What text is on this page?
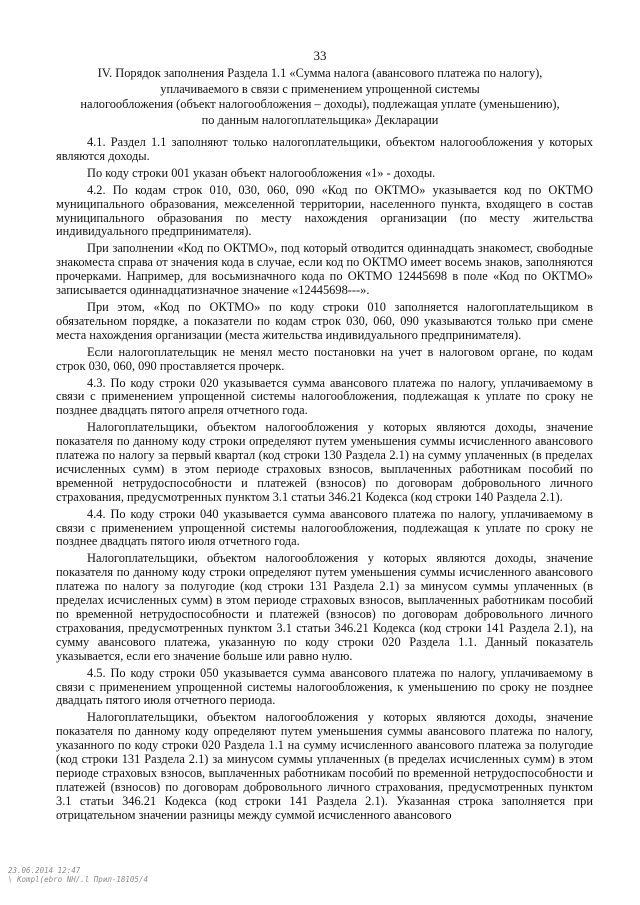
33
IV. Порядок заполнения Раздела 1.1 «Сумма налога (авансового платежа по налогу),
уплачиваемого в связи с применением упрощенной системы
налогообложения (объект налогообложения – доходы), подлежащая уплате (уменьшению),
по данным налогоплательщика» Декларации

4.1. Раздел 1.1 заполняют только налогоплательщики, объектом налогообложения у которых являются доходы.

По коду строки 001 указан объект налогообложения «1» - доходы.

4.2. По кодам строк 010, 030, 060, 090 «Код по ОКТМО» указывается код по ОКТМО муниципального образования, межселенной территории, населенного пункта, входящего в состав муниципального образования по месту нахождения организации (по месту жительства индивидуального предпринимателя).

При заполнении «Код по ОКТМО», под который отводится одиннадцать знакомест, свободные знакоместа справа от значения кода в случае, если код по ОКТМО имеет восемь знаков, заполняются прочерками. Например, для восьмизначного кода по ОКТМО 12445698 в поле «Код по ОКТМО» записывается одиннадцатизначное значение «12445698---».

При этом, «Код по ОКТМО» по коду строки 010 заполняется налогоплательщиком в обязательном порядке, а показатели по кодам строк 030, 060, 090 указываются только при смене места нахождения организации (места жительства индивидуального предпринимателя).

Если налогоплательщик не менял место постановки на учет в налоговом органе, по кодам строк 030, 060, 090 проставляется прочерк.

4.3. По коду строки 020 указывается сумма авансового платежа по налогу, уплачиваемому в связи с применением упрощенной системы налогообложения, подлежащая к уплате по сроку не позднее двадцать пятого апреля отчетного года.

Налогоплательщики, объектом налогообложения у которых являются доходы, значение показателя по данному коду строки определяют путем уменьшения суммы исчисленного авансового платежа по налогу за первый квартал (код строки 130 Раздела 2.1) на сумму уплаченных (в пределах исчисленных сумм) в этом периоде страховых взносов, выплаченных работникам пособий по временной нетрудоспособности и платежей (взносов) по договорам добровольного личного страхования, предусмотренных пунктом 3.1 статьи 346.21 Кодекса (код строки 140 Раздела 2.1).

4.4. По коду строки 040 указывается сумма авансового платежа по налогу, уплачиваемому в связи с применением упрощенной системы налогообложения, подлежащая к уплате по сроку не позднее двадцать пятого июля отчетного года.

Налогоплательщики, объектом налогообложения у которых являются доходы, значение показателя по данному коду строки определяют путем уменьшения суммы исчисленного авансового платежа по налогу за полугодие (код строки 131 Раздела 2.1) за минусом суммы уплаченных (в пределах исчисленных сумм) в этом периоде страховых взносов, выплаченных работникам пособий по временной нетрудоспособности и платежей (взносов) по договорам добровольного личного страхования, предусмотренных пунктом 3.1 статьи 346.21 Кодекса (код строки 141 Раздела 2.1), на сумму авансового платежа, указанную по коду строки 020 Раздела 1.1. Данный показатель указывается, если его значение больше или равно нулю.

4.5. По коду строки 050 указывается сумма авансового платежа по налогу, уплачиваемому в связи с применением упрощенной системы налогообложения, к уменьшению по сроку не позднее двадцать пятого июля отчетного периода.

Налогоплательщики, объектом налогообложения у которых являются доходы, значение показателя по данному коду определяют путем уменьшения суммы авансового платежа по налогу, указанного по коду строки 020 Раздела 1.1 на сумму исчисленного авансового платежа за полугодие (код строки 131 Раздела 2.1) за минусом суммы уплаченных (в пределах исчисленных сумм) в этом периоде страховых взносов, выплаченных работникам пособий по временной нетрудоспособности и платежей (взносов) по договорам добровольного личного страхования, предусмотренных пунктом 3.1 статьи 346.21 Кодекса (код строки 141 Раздела 2.1). Указанная строка заполняется при отрицательном значении разницы между суммой исчисленного авансового

23.06.2014 12:47
\ Kompl(ebro NH/.l Прил-18105/4
